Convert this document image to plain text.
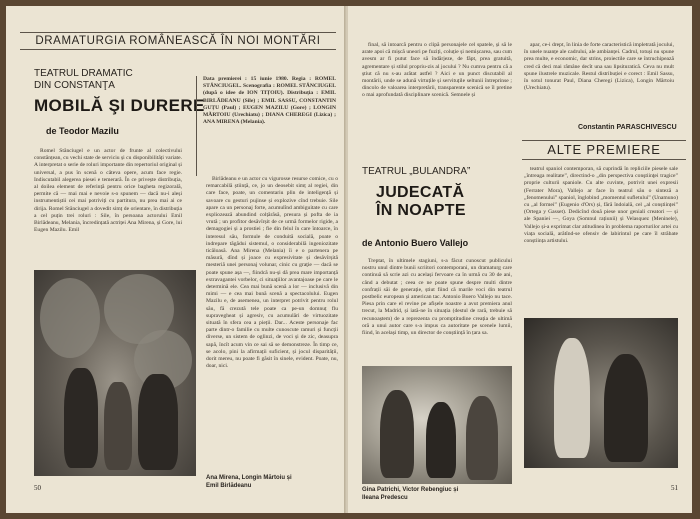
DRAMATURGIA ROMÂNEASCĂ ÎN NOI MONTĂRI
TEATRUL DRAMATIC
DIN CONSTANŢA
MOBILĂ ŞI DURERE
de Teodor Mazilu
Data premierei : 15 iunie 1980. Regia : ROMEL STĂNCIUGEL. Scenografia : ROMEL STĂNCIUGEL (după o idee de ION TIȚOIU). Distribuția : EMIL BIRLĂDEANU (Sile) ; EMIL SASSU, CONSTANTIN GUȚU (Paul) ; EUGEN MAZILU (Gore) ; LONGIN MĂRTOIU (Urechiatu) ; DIANA CHEREGI (Lizica) ; ANA MIRENA (Melania).

Romel Stănciugel e un actor de frunte al colectivului constănțean, cu vechi state de serviciu și cu disponibilități variate. A interpretat o serie de roluri importante din repertoriul original și universal, a pus în scenă o câteva opere, acum face regie. Indiscutabil alegerea piesei e temerară. În ce privește distribuția, al doilea element de referință pentru orice bagheta regizorală, permite că — mai mai e nevoie s-o spunem — dacă nu-i aleși instrumentiștii cei mai potriviți cu partitura, nu prea mai ai ce dirija. Romel Stănciugel a dovedit simț de orientare, în distribuția a cel puțin trei roluri : Sile, în persoana actorului Emil Birlădeanu, Melania, încredințată actriței Ana Mirena, și Gore, lui Eugen Mazilu. Emil

Birlădeanu e un actor cu vigurosse resurse comice, cu o remarcabilă știință, ce, jo un deosebit simț al regiei, din care face, poate, un comentariu plin de inteligență și savoare cu gesturi pujinse și explozive cînd trebuie. Sile apare ca un personaj forte, acumulînd ambiguitate cu care expliozează abundind colțărăsă, presura și pofta de ia vrută ; un profitor desăvîrșit de ce urmă formelor rigide, a demagogiei și a prostiei ; fie din felul în care întoarce, în interesul său, formule de conduită socială, poate o indrepare tăgădui sistemul, o considerabilă ingeniozitate ticăloasă. Ana Mirena (Melania) îi e o partenera pe măsură, dînd și joace cu expresivitate și desăvîrșită mesteriă unei personaj volunar, cinic cu graţie — dacă se poate spune așa —, fiindcă nu-și dă prea mare importanță extravagantei vorbelor, ci situaţiilor avantajoase pe care le determină ele. Cea mai bună scenă a lor — inclusivă din mimi — e cea mai bună scenă a spectacolului. Eugen Mazilu e, de asemenea, un interpret potrivit pentru rolul său, fă crezută tele poate ca pe-un domnuț flu supravegheat și agresiv, cu acumulări de virtuozitate situată în sfera cea a pieții. Dar... Aceste personaje fac parte dintr-o familie cu multe cunoscute ramuri și funcții diverse, un sistem de oglinzi, de voci și de zic, deasupra sapă, încît acum vin ce sai să se demonstreze. În timp ce, se acolo, pini la afirmații suficient, și jocul disparității, dorit mereu, nu poate fi găsit în sinele, evident. Poate, nu, doar, nici.

Ana Mirena, Longin Mărtoiu și
Emil Birlădeanu
50

final, să intoarcă pentru o clipă personajele cel spatele, și să le arate apoi că mișcă uneori pe fuziți, coluție și nemișcarea, sau cum avesm ar fi putut face să îndărjeze, de făpt, prea gratuită, agrementare și stilul propriu-zis al jocului ? Nu cumva pentru că a știut că nu s-au arătat astfel ? Aici e un punct discutabil al montării, unde se adună virtuțile și servituțile seltunii întreprinse ; dincolo de valoarea interpretării, transparente scenică se îl pretine o mai aprofundată disciplinare scenică. Semnele și

apar, ce-i drept, în linia de forte caracteristică impletrată jocului, în unele nuanțe ale cadrului, ale ambianței. Cadrul, totuși nu spune prea multe, e economic, dar strins, proiectile care se întruchipează cred că deci mai rămâne decît una sau lipsituratică. Ceva nu mult spune ilustrele muzicale. Restul distribuției e corect : Emil Sassu, în sotul tonurat Paul, Diana Cheregi (Lizica), Longin Mărtoiu (Urechiatu).

Constantin PARASCHIVESCU
ALTE PREMIERE
TEATRUL „BULANDRA”
JUDECATĂ
ÎN NOAPTE
de Antonio Buero Vallejo

Treptat, în ultimele stagiuni, s-a făcut cunoscut publicului nostru unul dintre bunii scriitori contemporani, un dramaturg care continuă să scrie azi cu același fervoare ca în urmă cu 30 de ani, când a debutat ; ceea ce ne poate spune despre multi dintre confrații săi de generație, știut fiind că marile voci din teatrul postbelic european și american tac. Antonio Buero Vallejo nu tace. Piesa prin care el revine pe afișele noastre a avut premiera anul trecut, la Madrid, și iată-ne în situația (destul de rară, trebuie să recunoaștem) de a reprezenta cu promptitudine creația de ultimă oră a unui autor care s-a impus ca autoritate pe scenele lumii, fiind, în același timp, un director de conștiință în țara sa.

teatrul spaniol contemporan, să cuprindă în repliciile piesele sale „întreaga realitate”, directind-o „din perspectiva conştiinţei tragice” proprie culturii spaniole. Cu alte cuvinte, potrivit unei expresii (Ferrater Mora), Vallejo ar face în teatrul său o sinteză a „fenomenului” spaniol, înglobind „momentul sufletului” (Unamuno) cu „al formei” (Eugenio d'Ors) și, fără îndoială, cel „al conștiinței” (Ortega y Gasset). Dedicînd două piese unor geniali creatori — și ale Spaniei —, Goya (Somnul rațiunii) și Velasquez (Meninele), Vallejo și-a exprimat clar atitudinea în problema raporturilor artei cu viața socială, arătînd-se ofensiv de labirintul pe care îl străbate conștiința artistului.

Gina Patrichi, Victor Rebengiuc și
Ileana Predescu
51
